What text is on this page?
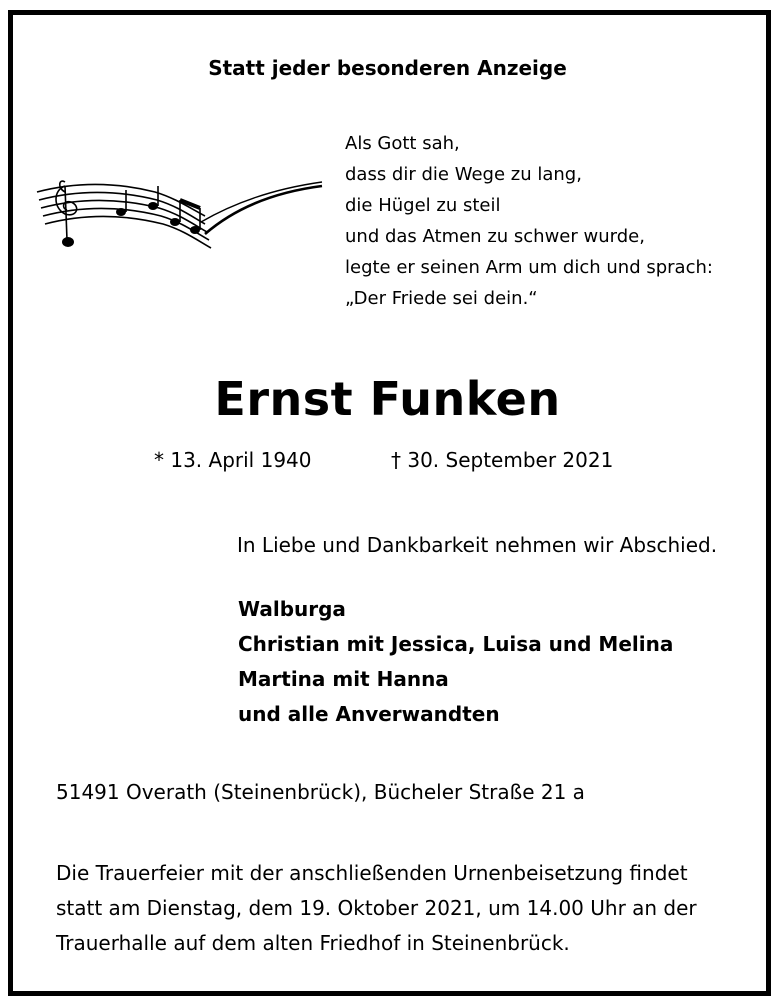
Statt jeder besonderen Anzeige
Als Gott sah,
dass dir die Wege zu lang,
die Hügel zu steil
und das Atmen zu schwer wurde,
legte er seinen Arm um dich und sprach:
„Der Friede sei dein.“
Ernst Funken
* 13. April 1940	† 30. September 2021
In Liebe und Dankbarkeit nehmen wir Abschied.
Walburga
Christian mit Jessica, Luisa und Melina
Martina mit Hanna
und alle Anverwandten
51491 Overath (Steinenbrück), Bücheler Straße 21 a
Die Trauerfeier mit der anschließenden Urnenbeisetzung findet
statt am Dienstag, dem 19. Oktober 2021, um 14.00 Uhr an der
Trauerhalle auf dem alten Friedhof in Steinenbrück.
